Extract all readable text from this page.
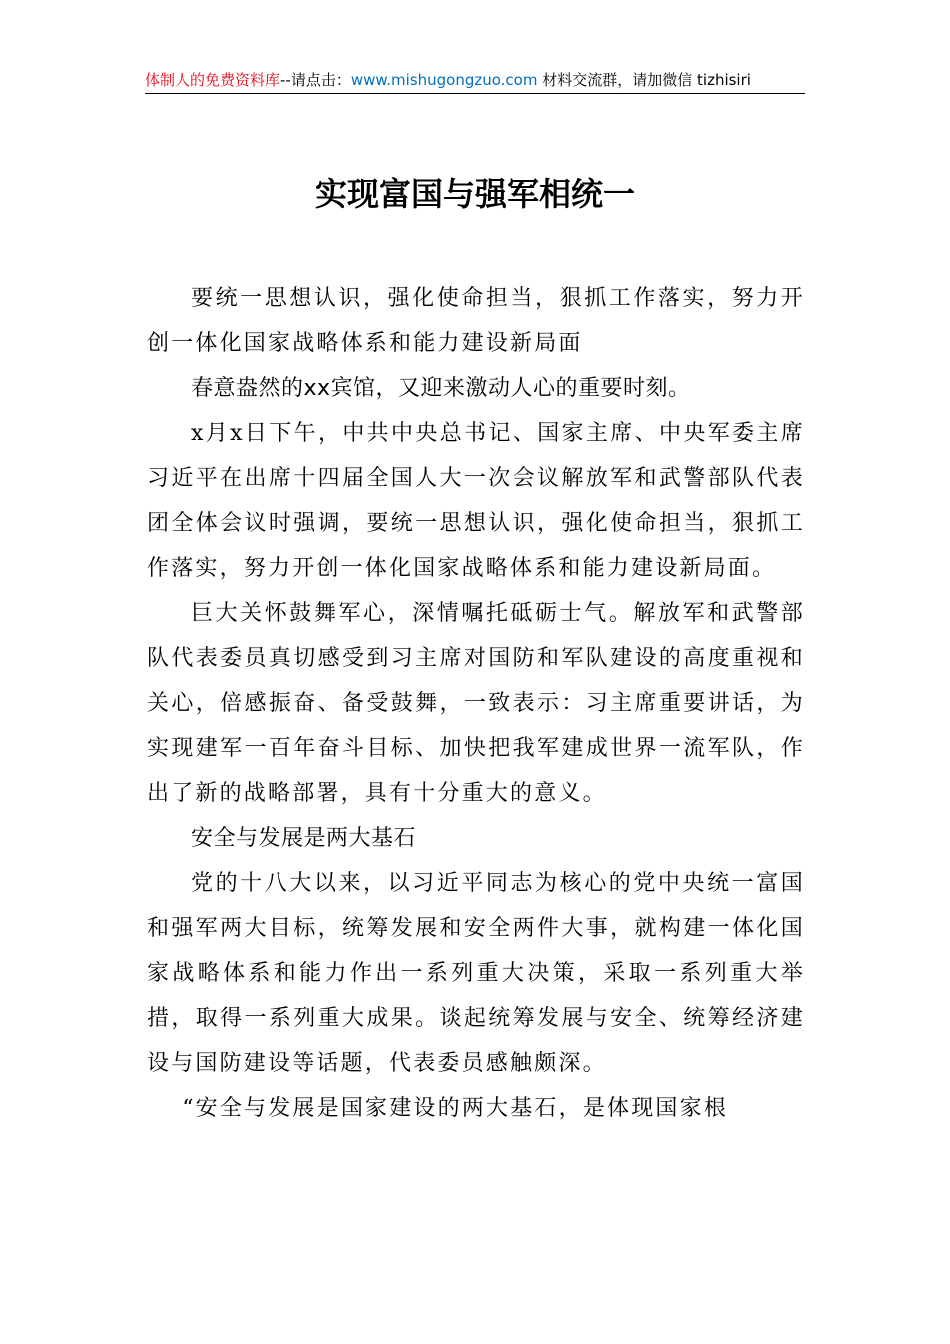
体制人的免费资料库--请点击：www.mishugongzuo.com 材料交流群，请加微信 tizhisiri
实现富国与强军相统一

要统一思想认识，强化使命担当，狠抓工作落实，努力开创一体化国家战略体系和能力建设新局面

春意盎然的xx宾馆，又迎来激动人心的重要时刻。

x月x日下午，中共中央总书记、国家主席、中央军委主席习近平在出席十四届全国人大一次会议解放军和武警部队代表团全体会议时强调，要统一思想认识，强化使命担当，狠抓工作落实，努力开创一体化国家战略体系和能力建设新局面。

巨大关怀鼓舞军心，深情嘱托砥砺士气。解放军和武警部队代表委员真切感受到习主席对国防和军队建设的高度重视和关心，倍感振奋、备受鼓舞，一致表示：习主席重要讲话，为实现建军一百年奋斗目标、加快把我军建成世界一流军队，作出了新的战略部署，具有十分重大的意义。

安全与发展是两大基石

党的十八大以来，以习近平同志为核心的党中央统一富国和强军两大目标，统筹发展和安全两件大事，就构建一体化国家战略体系和能力作出一系列重大决策，采取一系列重大举措，取得一系列重大成果。谈起统筹发展与安全、统筹经济建设与国防建设等话题，代表委员感触颇深。

“安全与发展是国家建设的两大基石，是体现国家根
